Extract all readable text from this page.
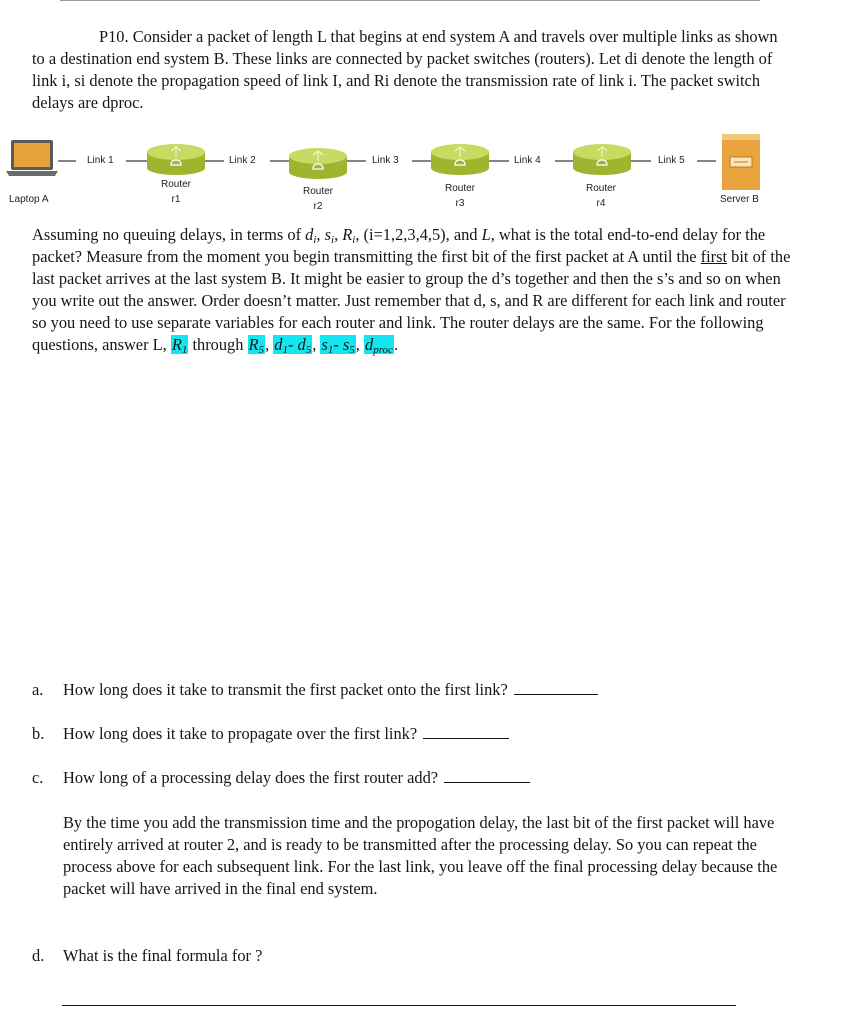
P10. Consider a packet of length L that begins at end system A and travels over multiple links as shown to a destination end system B. These links are connected by packet switches (routers). Let di denote the length of link i, si denote the propagation speed of link I, and Ri denote the transmission rate of link i. The packet switch delays are dproc.

Link 1	Link 2	Link 3	Link 4	Link 5
Laptop A	Server B
Router
r1
Router
r2
Router
r3
Router
r4

Assuming no queuing delays, in terms of $d_i$, $s_i$, $R_i$, (i=1,2,3,4,5), and L, what is the total end-to-end delay for the packet? Measure from the moment you begin transmitting the first bit of the first packet at A until the first bit of the last packet arrives at the last system B. It might be easier to group the d’s together and then the s’s and so on when you write out the answer. Order doesn’t matter. Just remember that d, s, and R are different for each link and router so you need to use separate variables for each router and link. The router delays are the same. For the following questions, answer L, $R_1$ through $R_5$, $d_1-$ $d_5$, $s_1-$ $s_5$, $d_{proc}$.

a. How long does it take to transmit the first packet onto the first link?
b. How long does it take to propagate over the first link?
c. How long of a processing delay does the first router add?

By the time you add the transmission time and the propogation delay, the last bit of the first packet will have entirely arrived at router 2, and is ready to be transmitted after the processing delay. So you can repeat the process above for each subsequent link. For the last link, you leave off the final processing delay because the packet will have arrived in the final end system.

d. What is the final formula for ?
